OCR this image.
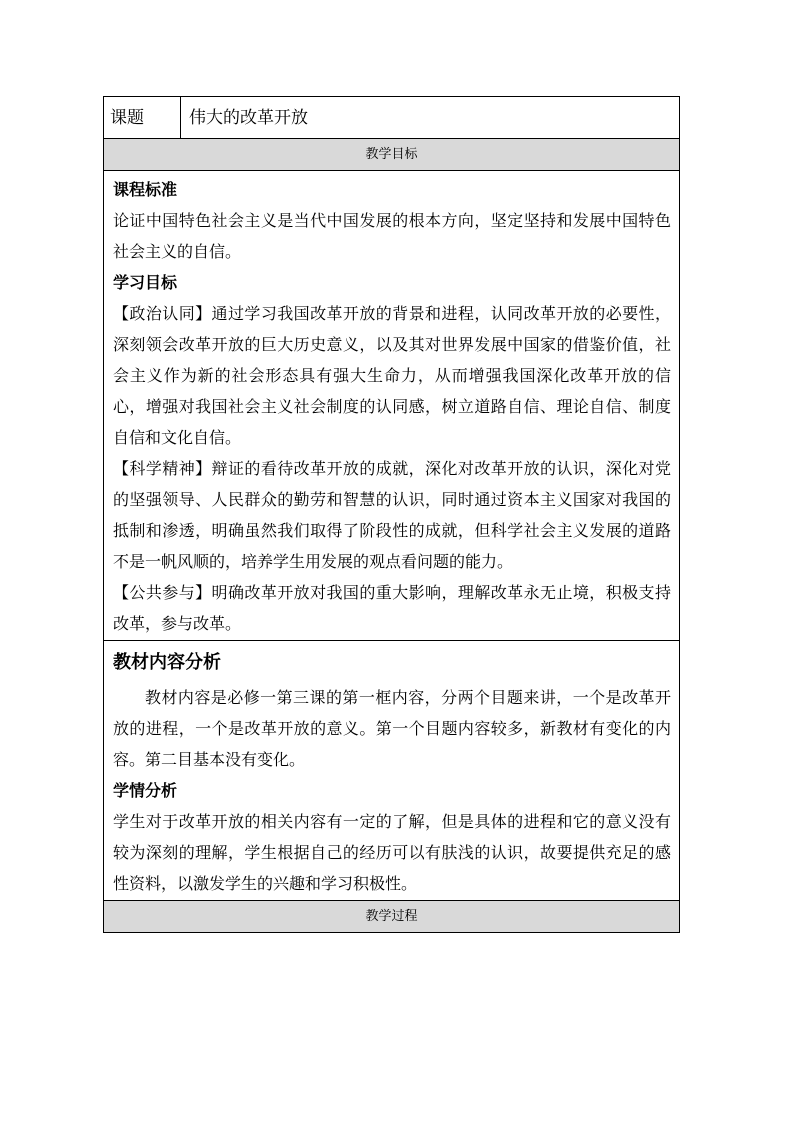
课题	伟大的改革开放
教学目标

课程标准

论证中国特色社会主义是当代中国发展的根本方向，坚定坚持和发展中国特色社会主义的自信。

学习目标

【政治认同】通过学习我国改革开放的背景和进程，认同改革开放的必要性，深刻领会改革开放的巨大历史意义，以及其对世界发展中国家的借鉴价值，社会主义作为新的社会形态具有强大生命力，从而增强我国深化改革开放的信心，增强对我国社会主义社会制度的认同感，树立道路自信、理论自信、制度自信和文化自信。

【科学精神】辩证的看待改革开放的成就，深化对改革开放的认识，深化对党的坚强领导、人民群众的勤劳和智慧的认识，同时通过资本主义国家对我国的抵制和渗透，明确虽然我们取得了阶段性的成就，但科学社会主义发展的道路不是一帆风顺的，培养学生用发展的观点看问题的能力。

【公共参与】明确改革开放对我国的重大影响，理解改革永无止境，积极支持改革，参与改革。

教材内容分析

教材内容是必修一第三课的第一框内容，分两个目题来讲，一个是改革开放的进程，一个是改革开放的意义。第一个目题内容较多，新教材有变化的内容。第二目基本没有变化。

学情分析

学生对于改革开放的相关内容有一定的了解，但是具体的进程和它的意义没有较为深刻的理解，学生根据自己的经历可以有肤浅的认识，故要提供充足的感性资料，以激发学生的兴趣和学习积极性。

教学过程
